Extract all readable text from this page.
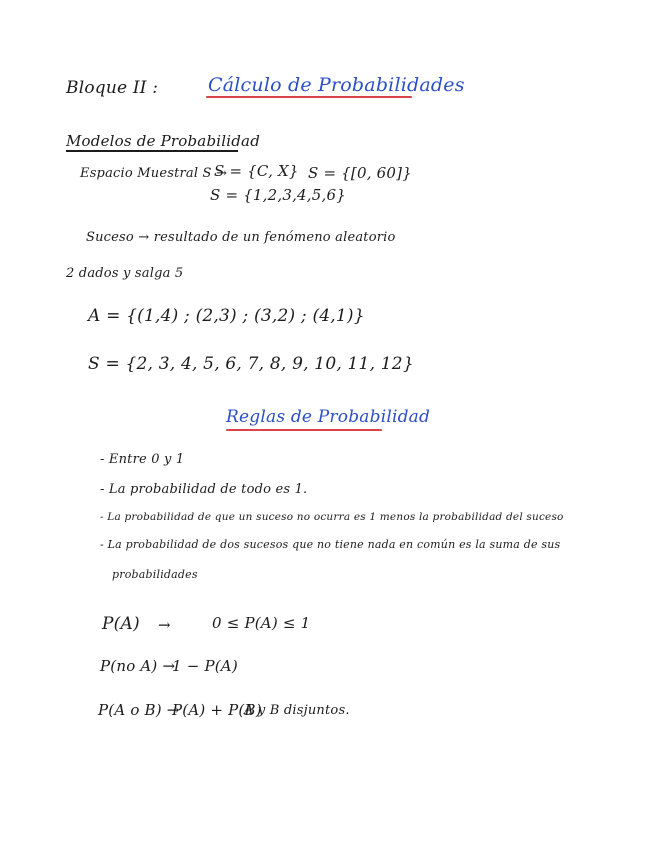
Bloque II :	Cálculo de Probabilidades
Modelos de Probabilidad
Espacio Muestral S →
S = {C, X}
S = {1,2,3,4,5,6}
S = {[0, 60]}
Suceso → resultado de un fenómeno aleatorio
2 dados y salga 5
A = {(1,4) ; (2,3) ; (3,2) ; (4,1)}
S = {2, 3, 4, 5, 6, 7, 8, 9, 10, 11, 12}
Reglas de Probabilidad
- Entre 0 y 1
- La probabilidad de todo es 1.
- La probabilidad de que un suceso no ocurra es 1 menos la probabilidad del suceso
- La probabilidad de dos sucesos que no tiene nada en común es la suma de sus
probabilidades
P(A) →	0 ≤ P(A) ≤ 1
P(no A) →
1 − P(A)
P(A o B) →
P(A) + P(B)
A y B disjuntos.
